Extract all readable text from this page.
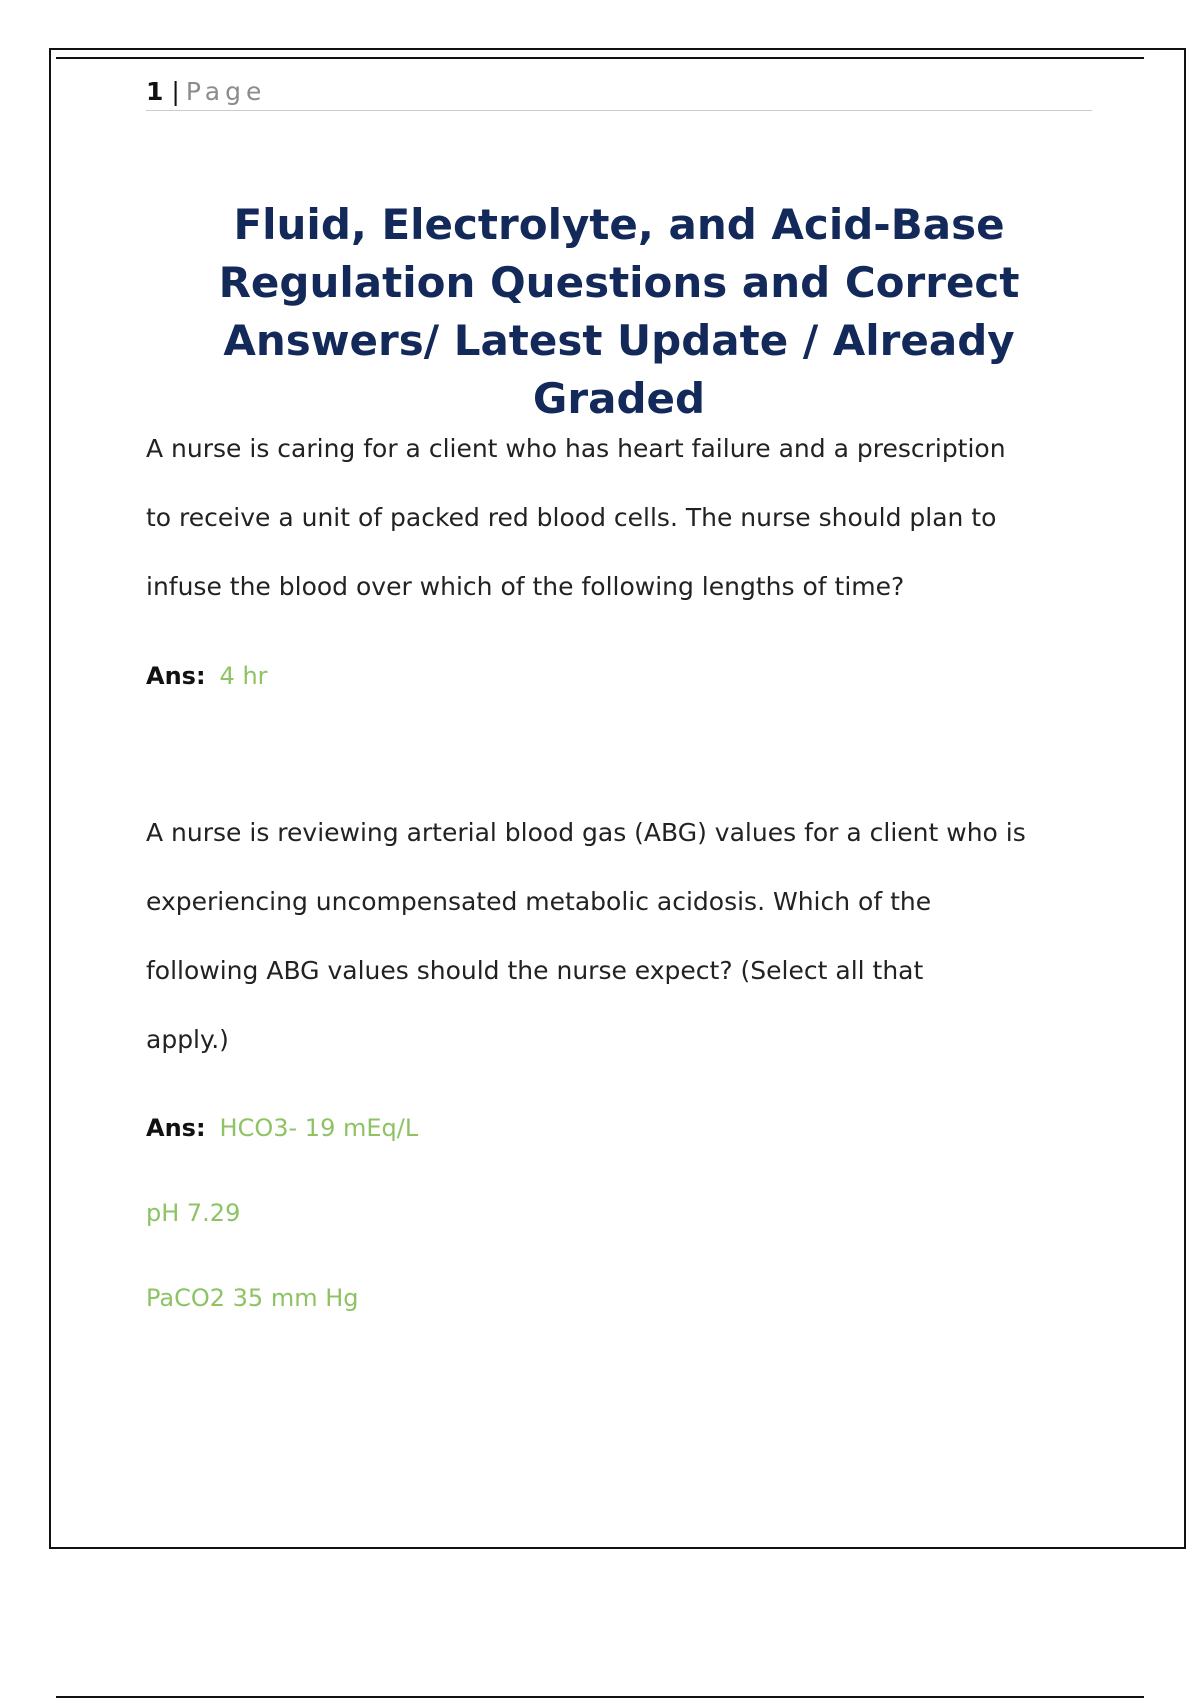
1 | Page
Fluid, Electrolyte, and Acid-Base
Regulation Questions and Correct
Answers/ Latest Update / Already
Graded

A nurse is caring for a client who has heart failure and a prescription
to receive a unit of packed red blood cells. The nurse should plan to
infuse the blood over which of the following lengths of time?

Ans: 4 hr

A nurse is reviewing arterial blood gas (ABG) values for a client who is
experiencing uncompensated metabolic acidosis. Which of the
following ABG values should the nurse expect? (Select all that
apply.)

Ans: HCO3- 19 mEq/L
pH 7.29
PaCO2 35 mm Hg
